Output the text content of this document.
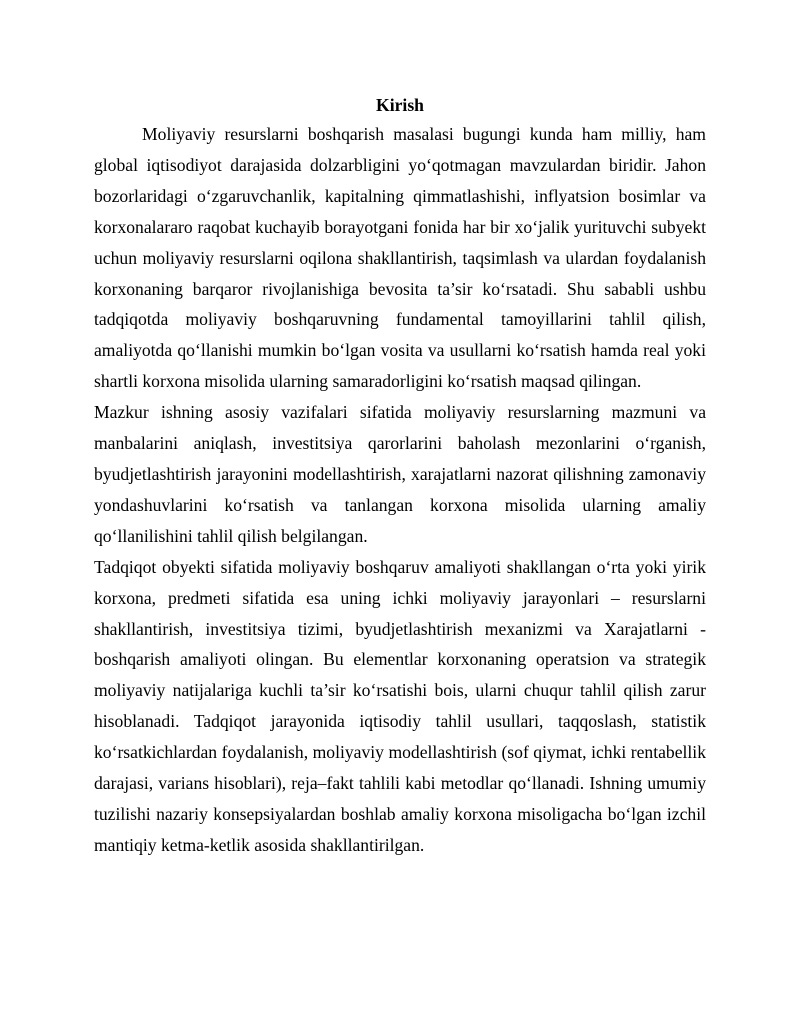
Kirish

Moliyaviy resurslarni boshqarish masalasi bugungi kunda ham milliy, ham global iqtisodiyot darajasida dolzarbligini yo‘qotmagan mavzulardan biridir. Jahon bozorlaridagi o‘zgaruvchanlik, kapitalning qimmatlashishi, inflyatsion bosimlar va korxonalararo raqobat kuchayib borayotgani fonida har bir xo‘jalik yurituvchi subyekt uchun moliyaviy resurslarni oqilona shakllantirish, taqsimlash va ulardan foydalanish korxonaning barqaror rivojlanishiga bevosita ta’sir ko‘rsatadi. Shu sababli ushbu tadqiqotda moliyaviy boshqaruvning fundamental tamoyillarini tahlil qilish, amaliyotda qo‘llanishi mumkin bo‘lgan vosita va usullarni ko‘rsatish hamda real yoki shartli korxona misolida ularning samaradorligini ko‘rsatish maqsad qilingan.

Mazkur ishning asosiy vazifalari sifatida moliyaviy resurslarning mazmuni va manbalarini aniqlash, investitsiya qarorlarini baholash mezonlarini o‘rganish, byudjetlashtirish jarayonini modellashtirish, xarajatlarni nazorat qilishning zamonaviy yondashuvlarini ko‘rsatish va tanlangan korxona misolida ularning amaliy qo‘llanilishini tahlil qilish belgilangan.

Tadqiqot obyekti sifatida moliyaviy boshqaruv amaliyoti shakllangan o‘rta yoki yirik korxona, predmeti sifatida esa uning ichki moliyaviy jarayonlari – resurslarni shakllantirish, investitsiya tizimi, byudjetlashtirish mexanizmi va Xarajatlarni - boshqarish amaliyoti olingan. Bu elementlar korxonaning operatsion va strategik moliyaviy natijalariga kuchli ta’sir ko‘rsatishi bois, ularni chuqur tahlil qilish zarur hisoblanadi. Tadqiqot jarayonida iqtisodiy tahlil usullari, taqqoslash, statistik ko‘rsatkichlardan foydalanish, moliyaviy modellashtirish (sof qiymat, ichki rentabellik darajasi, varians hisoblari), reja–fakt tahlili kabi metodlar qo‘llanadi. Ishning umumiy tuzilishi nazariy konsepsiyalardan boshlab amaliy korxona misoligacha bo‘lgan izchil mantiqiy ketma-ketlik asosida shakllantirilgan.
